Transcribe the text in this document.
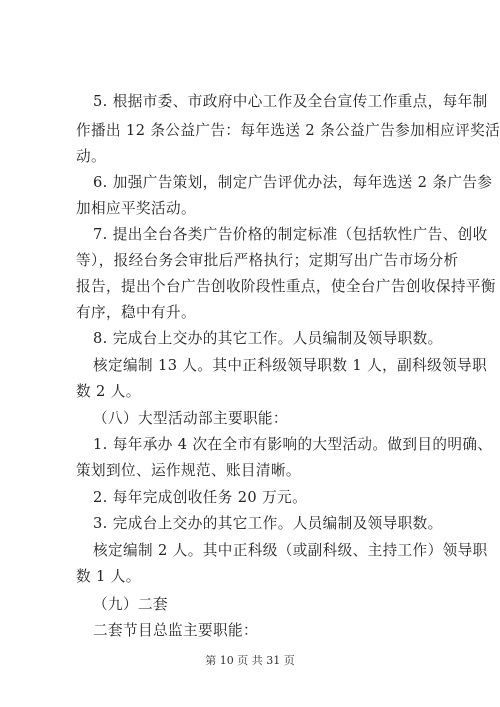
5. 根据市委、市政府中心工作及全台宣传工作重点，每年制
作播出 12 条公益广告：每年选送 2 条公益广告参加相应评奖活
动。
6. 加强广告策划，制定广告评优办法，每年选送 2 条广告参
加相应平奖活动。
7. 提出全台各类广告价格的制定标准（包括软性广告、创收
等），报经台务会审批后严格执行；定期写出广告市场分析
报告，提出个台广告创收阶段性重点，使全台广告创收保持平衡
有序，稳中有升。
8. 完成台上交办的其它工作。人员编制及领导职数。
核定编制 13 人。其中正科级领导职数 1 人，副科级领导职
数 2 人。
（八）大型活动部主要职能：
1. 每年承办 4 次在全市有影响的大型活动。做到目的明确、
策划到位、运作规范、账目清晰。
2. 每年完成创收任务 20 万元。
3. 完成台上交办的其它工作。人员编制及领导职数。
核定编制 2 人。其中正科级（或副科级、主持工作）领导职
数 1 人。
（九）二套
二套节目总监主要职能：
第 10 页 共 31 页
